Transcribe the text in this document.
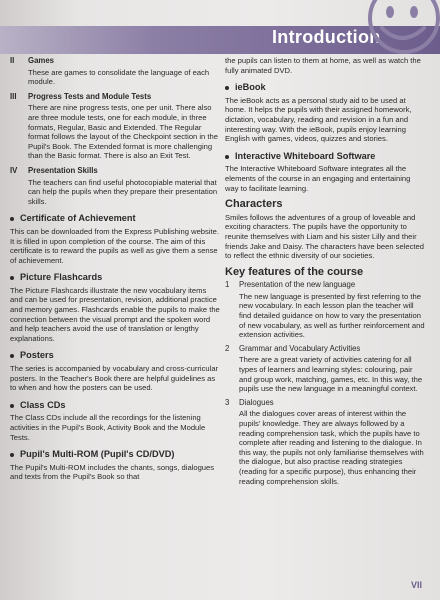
Introduction
II	Games
These are games to consolidate the language of each module.
III	Progress Tests and Module Tests
There are nine progress tests, one per unit. There also are three module tests, one for each module, in three formats, Regular, Basic and Extended. The Regular format follows the layout of the Checkpoint section in the Pupil's Book. The Extended format is more challenging than the Basic format. There is also an Exit Test.
IV	Presentation Skills
The teachers can find useful photocopiable material that can help the pupils when they prepare their presentation skills.
Certificate of Achievement
This can be downloaded from the Express Publishing website. It is filled in upon completion of the course. The aim of this certificate is to reward the pupils as well as give them a sense of achievement.
Picture Flashcards
The Picture Flashcards illustrate the new vocabulary items and can be used for presentation, revision, additional practice and memory games. Flashcards enable the pupils to make the connection between the visual prompt and the spoken word and help teachers avoid the use of translation or lengthy explanations.
Posters
The series is accompanied by vocabulary and cross-curricular posters. In the Teacher's Book there are helpful guidelines as to when and how the posters can be used.
Class CDs
The Class CDs include all the recordings for the listening activities in the Pupil's Book, Activity Book and the Module Tests.
Pupil's Multi-ROM (Pupil's CD/DVD)
The Pupil's Multi-ROM includes the chants, songs, dialogues and texts from the Pupil's Book so that
the pupils can listen to them at home, as well as watch the fully animated DVD.
ieBook
The ieBook acts as a personal study aid to be used at home. It helps the pupils with their assigned homework, dictation, vocabulary, reading and revision in a fun and interesting way. With the ieBook, pupils enjoy learning English with games, videos, quizzes and stories.
Interactive Whiteboard Software
The Interactive Whiteboard Software integrates all the elements of the course in an engaging and entertaining way to facilitate learning.
Characters
Smiles follows the adventures of a group of loveable and exciting characters. The pupils have the opportunity to reunite themselves with Liam and his sister Lilly and their friends Jake and Daisy. The characters have been selected to reflect the ethnic diversity of our societies.
Key features of the course
1	Presentation of the new language
The new language is presented by first referring to the new vocabulary. In each lesson plan the teacher will find detailed guidance on how to vary the presentation of new vocabulary, as well as further reinforcement and extension activities.
2	Grammar and Vocabulary Activities
There are a great variety of activities catering for all types of learners and learning styles: colouring, pair and group work, matching, games, etc. In this way, the pupils use the new language in a meaningful context.
3	Dialogues
All the dialogues cover areas of interest within the pupils' knowledge. They are always followed by a reading comprehension task, which the pupils have to complete after reading and listening to the dialogue. In this way, the pupils not only familiarise themselves with the dialogue, but also practise reading strategies (reading for a specific purpose), thus enhancing their reading comprehension skills.
VII
